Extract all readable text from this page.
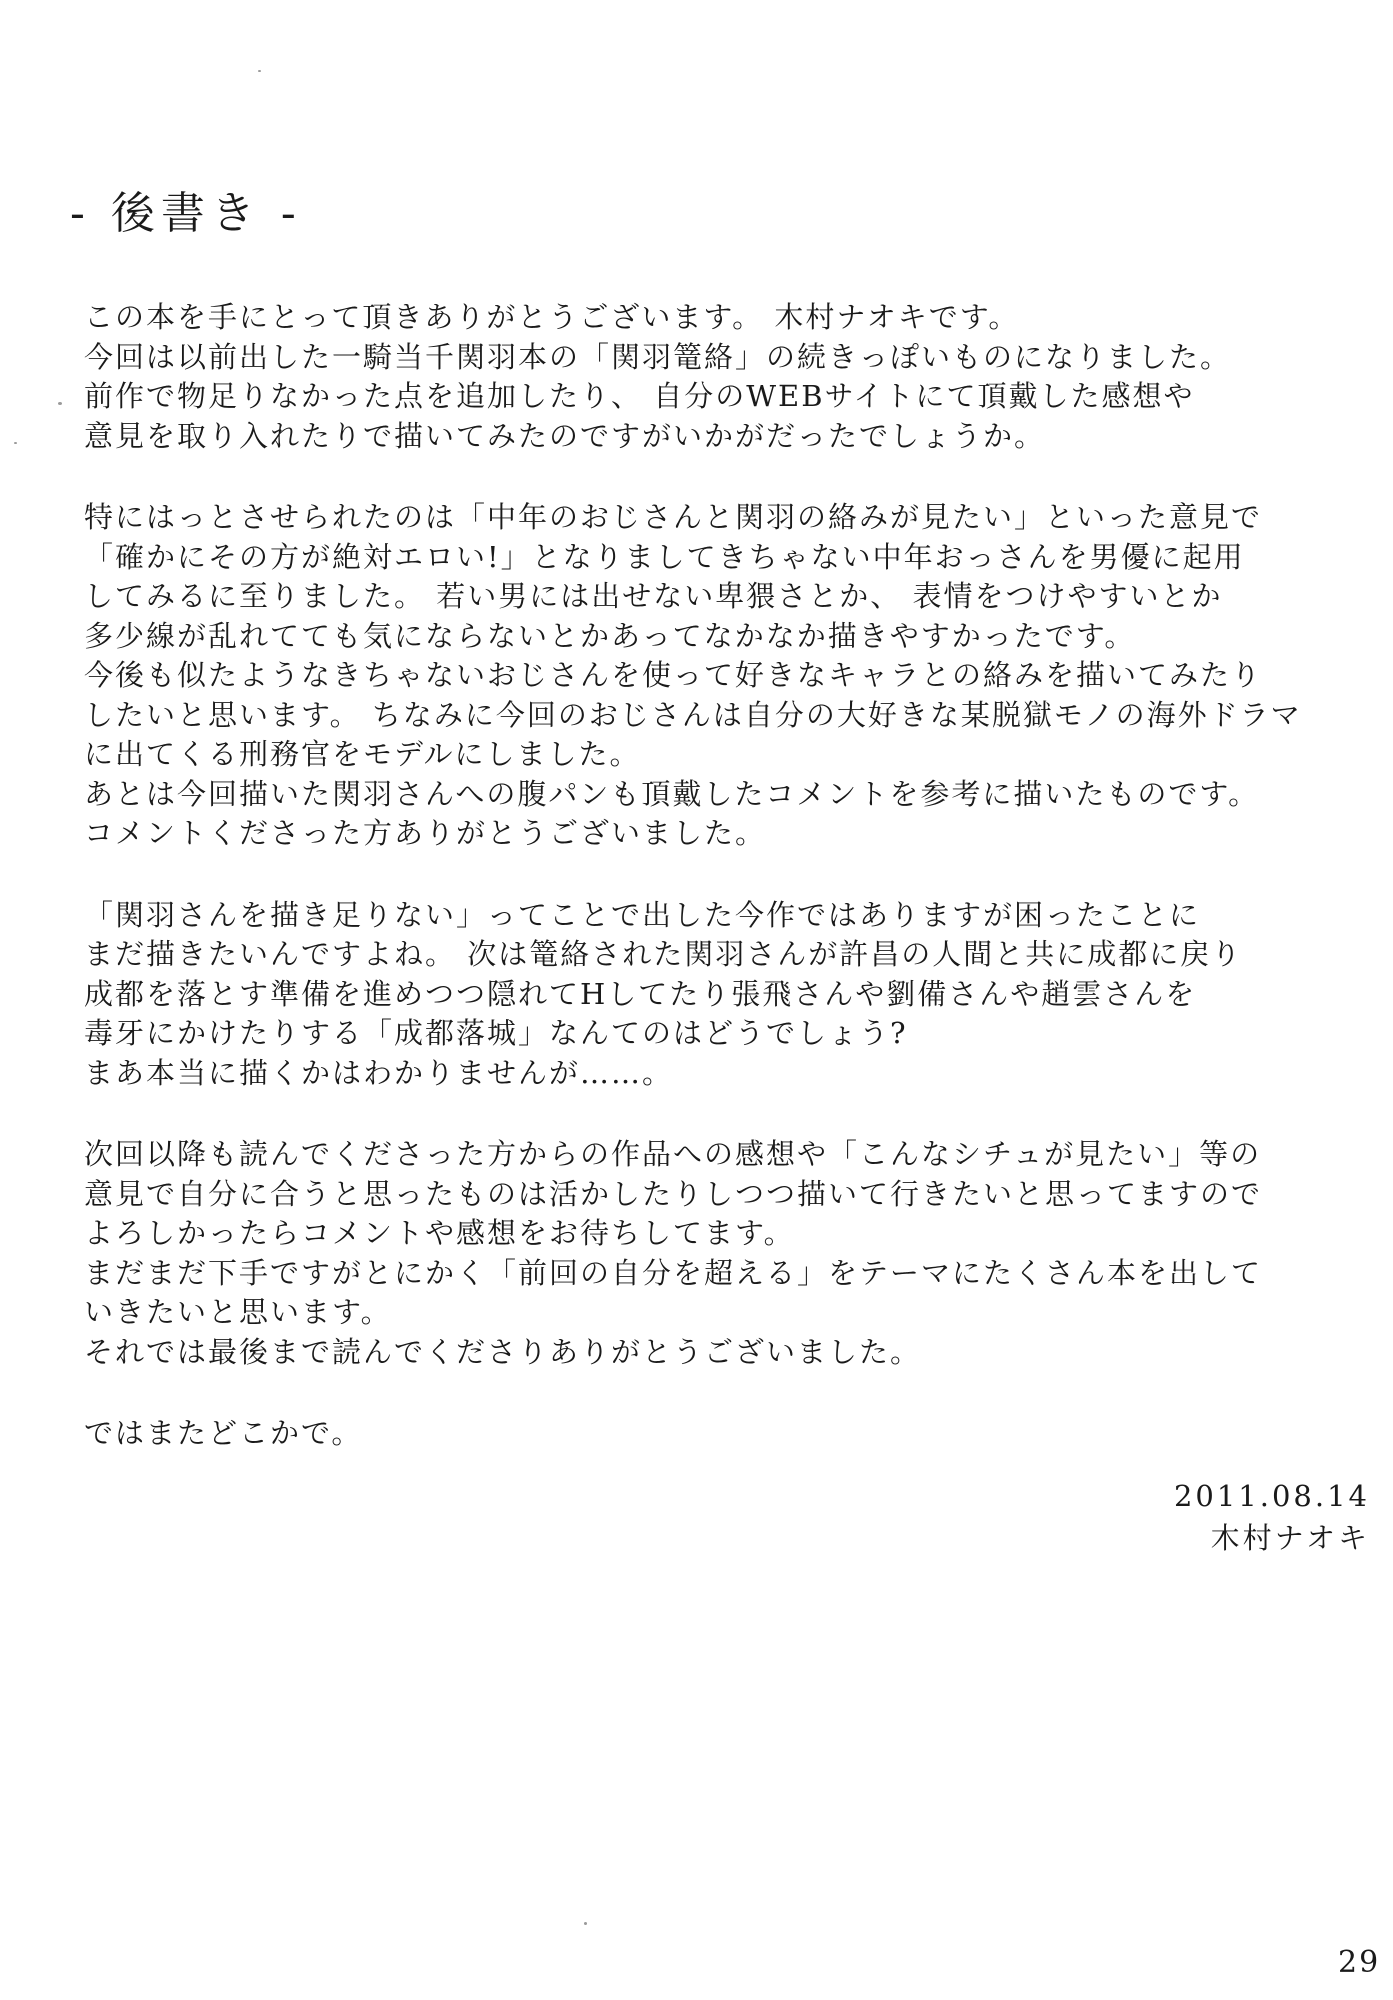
- 後書き -
この本を手にとって頂きありがとうございます。 木村ナオキです。
今回は以前出した一騎当千関羽本の「関羽篭絡」の続きっぽいものになりました。
前作で物足りなかった点を追加したり、 自分のWEBサイトにて頂戴した感想や
意見を取り入れたりで描いてみたのですがいかがだったでしょうか。
特にはっとさせられたのは「中年のおじさんと関羽の絡みが見たい」といった意見で
「確かにその方が絶対エロい!」となりましてきちゃない中年おっさんを男優に起用
してみるに至りました。 若い男には出せない卑猥さとか、 表情をつけやすいとか
多少線が乱れてても気にならないとかあってなかなか描きやすかったです。
今後も似たようなきちゃないおじさんを使って好きなキャラとの絡みを描いてみたり
したいと思います。 ちなみに今回のおじさんは自分の大好きな某脱獄モノの海外ドラマ
に出てくる刑務官をモデルにしました。
あとは今回描いた関羽さんへの腹パンも頂戴したコメントを参考に描いたものです。
コメントくださった方ありがとうございました。
「関羽さんを描き足りない」ってことで出した今作ではありますが困ったことに
まだ描きたいんですよね。 次は篭絡された関羽さんが許昌の人間と共に成都に戻り
成都を落とす準備を進めつつ隠れてHしてたり張飛さんや劉備さんや趙雲さんを
毒牙にかけたりする「成都落城」なんてのはどうでしょう?
まあ本当に描くかはわかりませんが……。
次回以降も読んでくださった方からの作品への感想や「こんなシチュが見たい」等の
意見で自分に合うと思ったものは活かしたりしつつ描いて行きたいと思ってますので
よろしかったらコメントや感想をお待ちしてます。
まだまだ下手ですがとにかく「前回の自分を超える」をテーマにたくさん本を出して
いきたいと思います。
それでは最後まで読んでくださりありがとうございました。
ではまたどこかで。
2011.08.14
木村ナオキ
29
